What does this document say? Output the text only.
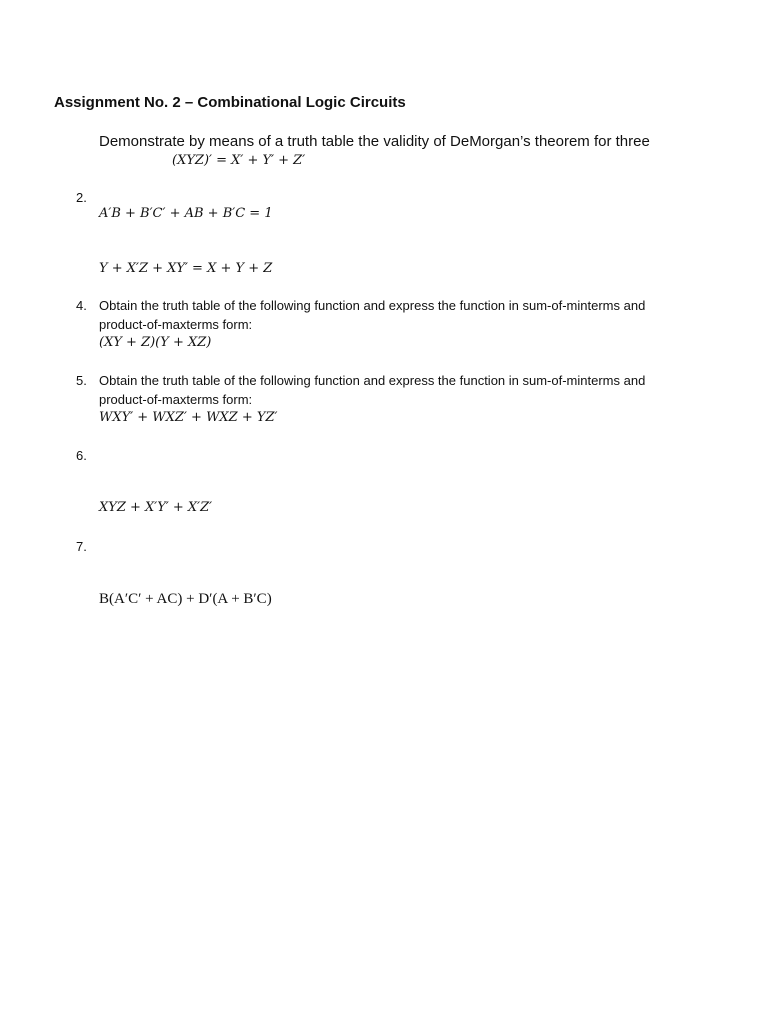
Assignment No. 2 – Combinational Logic Circuits
Demonstrate by means of a truth table the validity of DeMorgan’s theorem for three
(XYZ)′ = X′ + Y′ + Z′
2.
A′B + B′C′ + AB + B′C = 1
Y + X′Z + XY′ = X + Y + Z
4. Obtain the truth table of the following function and express the function in sum-of-minterms and
product-of-maxterms form:
(XY + Z)(Y + XZ)
5. Obtain the truth table of the following function and express the function in sum-of-minterms and
product-of-maxterms form:
WXY′ + WXZ′ + WXZ + YZ′
6.
XYZ + X′Y′ + X′Z′
7.
B(A′C′ + AC) + D′(A + B′C)
